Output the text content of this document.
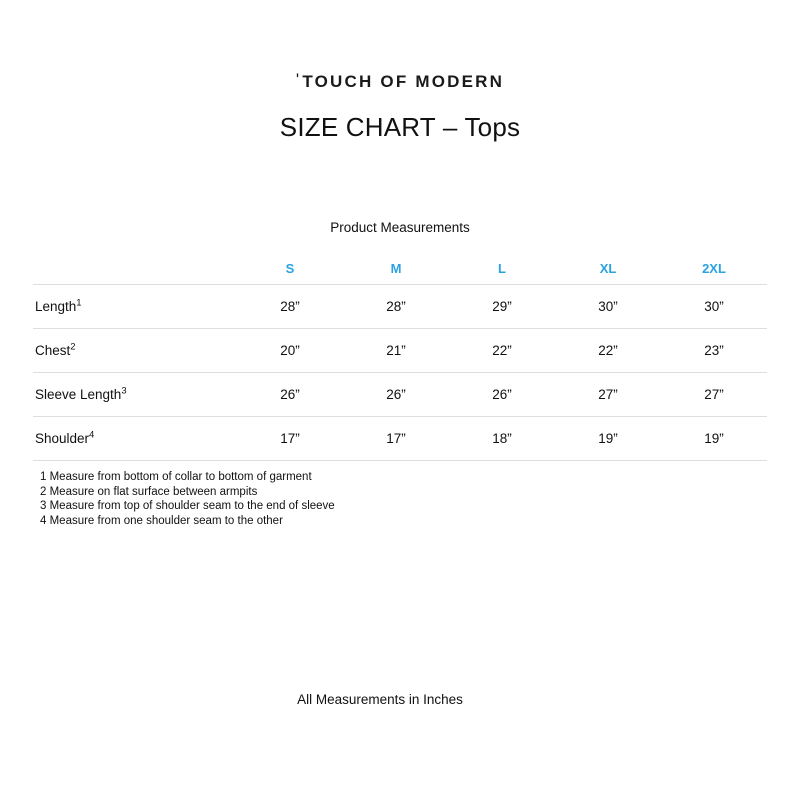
'TOUCH OF MODERN
SIZE CHART – Tops
Product Measurements
	S	M	L	XL	2XL
Length$^1$	28”	28”	29”	30”	30”
Chest$^2$	20”	21”	22”	22”	23”
Sleeve Length$^3$	26”	26”	26”	27”	27”
Shoulder$^4$	17”	17”	18”	19”	19”
1 Measure from bottom of collar to bottom of garment
2 Measure on flat surface between armpits
3 Measure from top of shoulder seam to the end of sleeve
4 Measure from one shoulder seam to the other
All Measurements in Inches
